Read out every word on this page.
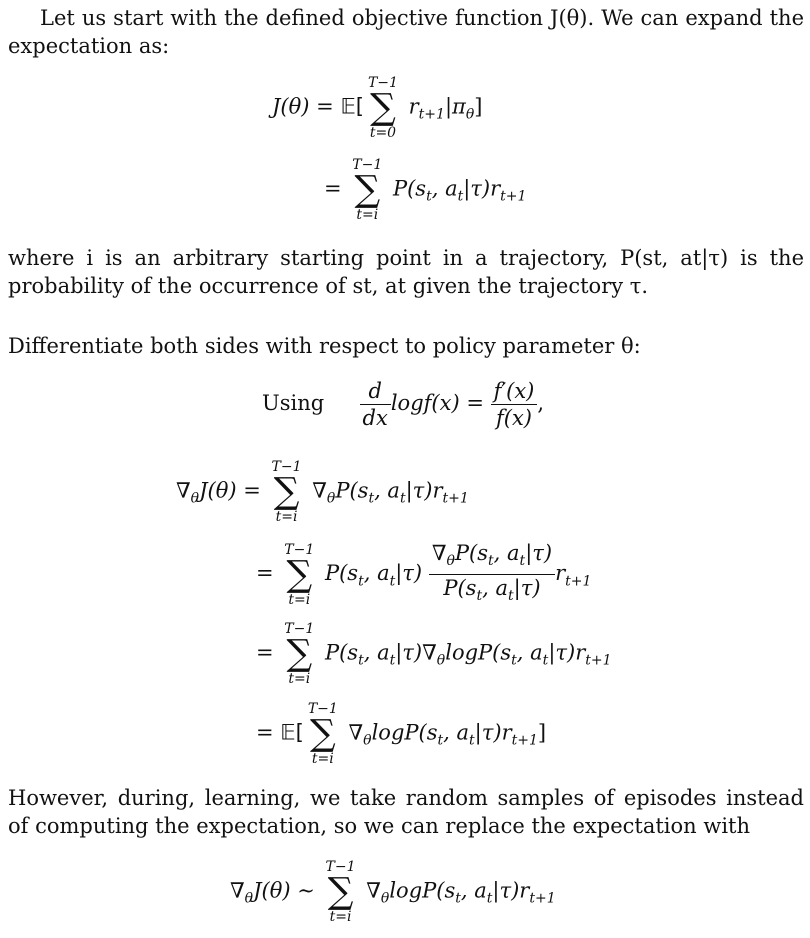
Let us start with the defined objective function J(θ). We can expand the expectation as:
J(θ) = 𝔼[
T−1
∑
t=0
$r_{t+1}|\pi_\theta$]
=
T−1
∑
t=i
$P(s_t$, $a_t|\tau)r_{t+1}$
where i is an arbitrary starting point in a trajectory, P(st, at|τ) is the probability of the occurrence of st, at given the trajectory τ.
Differentiate both sides with respect to policy parameter θ:
Using $\frac{d}{dx} \log f(x) = \frac{f'(x)}{f(x)}$ ,
$\nabla_\theta J(\theta)$ =
T−1
∑
t=i
$\nabla_\theta P(s_t$, $a_t|\tau)r_{t+1}$
=
T−1
∑
t=i
$P(s_t$, $a_t|\tau) \frac{\nabla_\theta P(s_t, a_t|\tau)}{P(s_t, a_t|\tau)} r_{t+1}$
=
T−1
∑
t=i
$P(s_t$, $a_t|\tau)\nabla_\theta\log P(s_t$, $a_t|\tau)r_{t+1}$
= 𝔼[
T−1
∑
t=i
$\nabla_\theta\log P(s_t$, $a_t|\tau)r_{t+1}$]
However, during, learning, we take random samples of episodes instead of computing the expectation, so we can replace the expectation with
$\nabla_\theta J(\theta)$ ∼
T−1
∑
t=i
$\nabla_\theta\log P(s_t$, $a_t|\tau)r_{t+1}$
